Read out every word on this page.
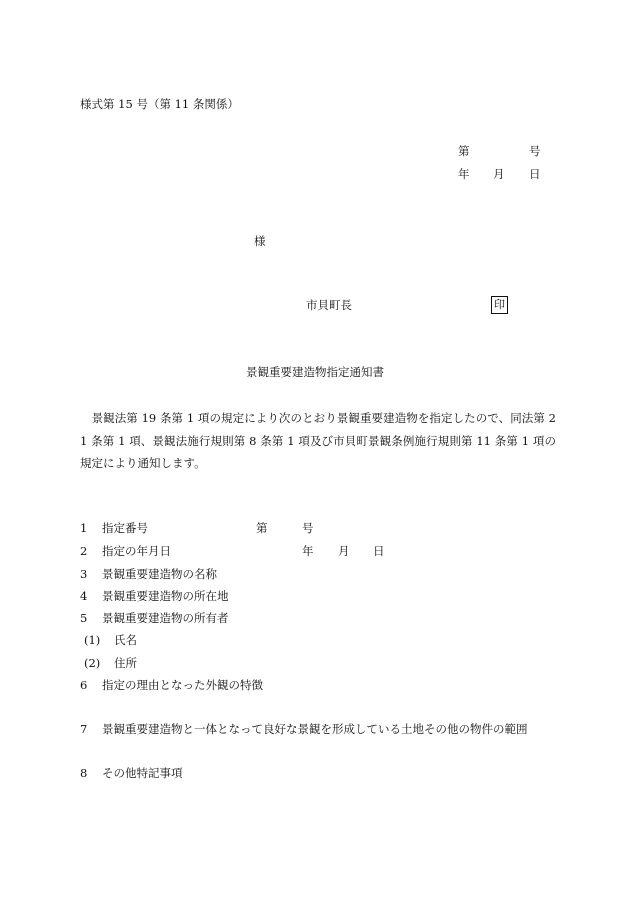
様式第 15 号（第 11 条関係）
第	号
年 月 日
様
市貝町長	印
景観重要建造物指定通知書
　景観法第 19 条第 1 項の規定により次のとおり景観重要建造物を指定したので、同法第 21 条第 1 項、景観法施行規則第 8 条第 1 項及び市貝町景観条例施行規則第 11 条第 1 項の規定により通知します。
1 指定番号	第	号
2 指定の年月日	年 月 日
3 景観重要建造物の名称
4 景観重要建造物の所在地
5 景観重要建造物の所有者
(1) 氏名
(2) 住所
6 指定の理由となった外観の特徴
7 景観重要建造物と一体となって良好な景観を形成している土地その他の物件の範囲
8 その他特記事項
